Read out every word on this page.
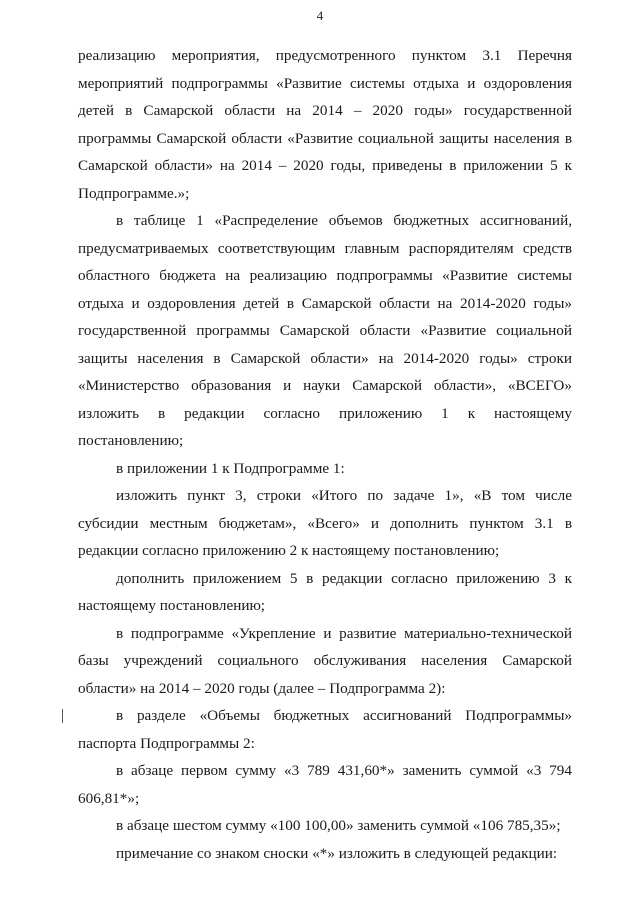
4

реализацию мероприятия, предусмотренного пунктом 3.1 Перечня мероприятий подпрограммы «Развитие системы отдыха и оздоровления детей в Самарской области на 2014 – 2020 годы» государственной программы Самарской области «Развитие социальной защиты населения в Самарской области» на 2014 – 2020 годы, приведены в приложении 5 к Подпрограмме.»;

в таблице 1 «Распределение объемов бюджетных ассигнований, предусматриваемых соответствующим главным распорядителям средств областного бюджета на реализацию подпрограммы «Развитие системы отдыха и оздоровления детей в Самарской области на 2014-2020 годы» государственной программы Самарской области «Развитие социальной защиты населения в Самарской области» на 2014-2020 годы» строки «Министерство образования и науки Самарской области», «ВСЕГО» изложить в редакции согласно приложению 1 к настоящему постановлению;

в приложении 1 к Подпрограмме 1:

изложить пункт 3, строки «Итого по задаче 1», «В том числе субсидии местным бюджетам», «Всего» и дополнить пунктом 3.1 в редакции согласно приложению 2 к настоящему постановлению;

дополнить приложением 5 в редакции согласно приложению 3 к настоящему постановлению;

в подпрограмме «Укрепление и развитие материально-технической базы учреждений социального обслуживания населения Самарской области» на 2014 – 2020 годы (далее – Подпрограмма 2):

в разделе «Объемы бюджетных ассигнований Подпрограммы» паспорта Подпрограммы 2:

в абзаце первом сумму «3 789 431,60*» заменить суммой «3 794 606,81*»;

в абзаце шестом сумму «100 100,00» заменить суммой «106 785,35»;

примечание со знаком сноски «*» изложить в следующей редакции:
